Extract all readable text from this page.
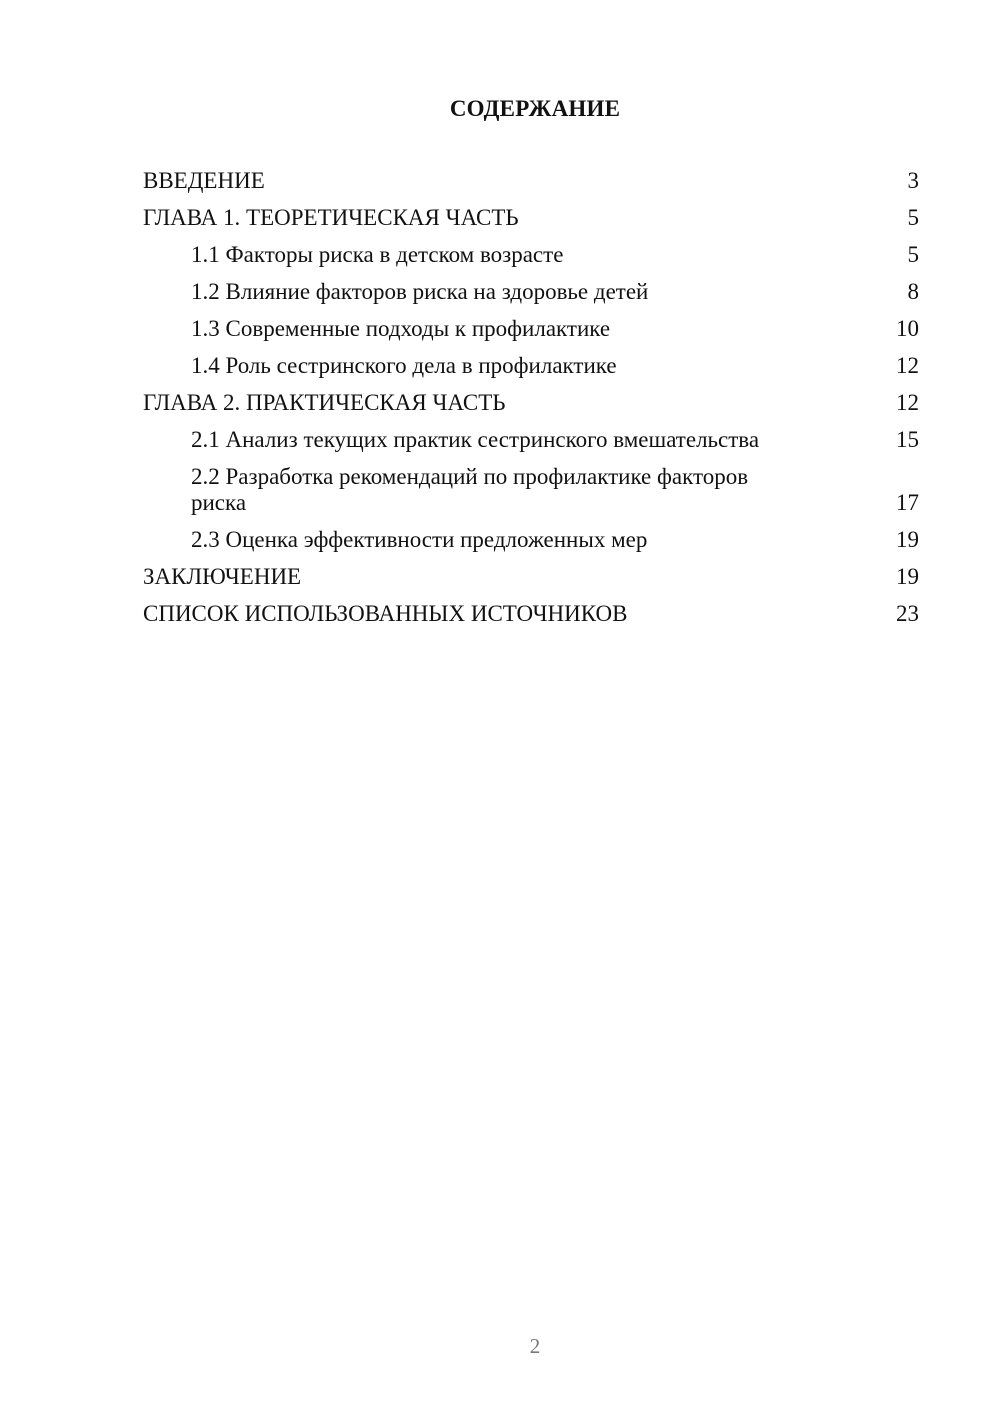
СОДЕРЖАНИЕ
ВВЕДЕНИЕ	3
ГЛАВА 1. ТЕОРЕТИЧЕСКАЯ ЧАСТЬ	5
1.1 Факторы риска в детском возрасте	5
1.2 Влияние факторов риска на здоровье детей	8
1.3 Современные подходы к профилактике	10
1.4 Роль сестринского дела в профилактике	12
ГЛАВА 2. ПРАКТИЧЕСКАЯ ЧАСТЬ	12
2.1 Анализ текущих практик сестринского вмешательства	15
2.2 Разработка рекомендаций по профилактике факторов
риска	17
2.3 Оценка эффективности предложенных мер	19
ЗАКЛЮЧЕНИЕ	19
СПИСОК ИСПОЛЬЗОВАННЫХ ИСТОЧНИКОВ	23
2
